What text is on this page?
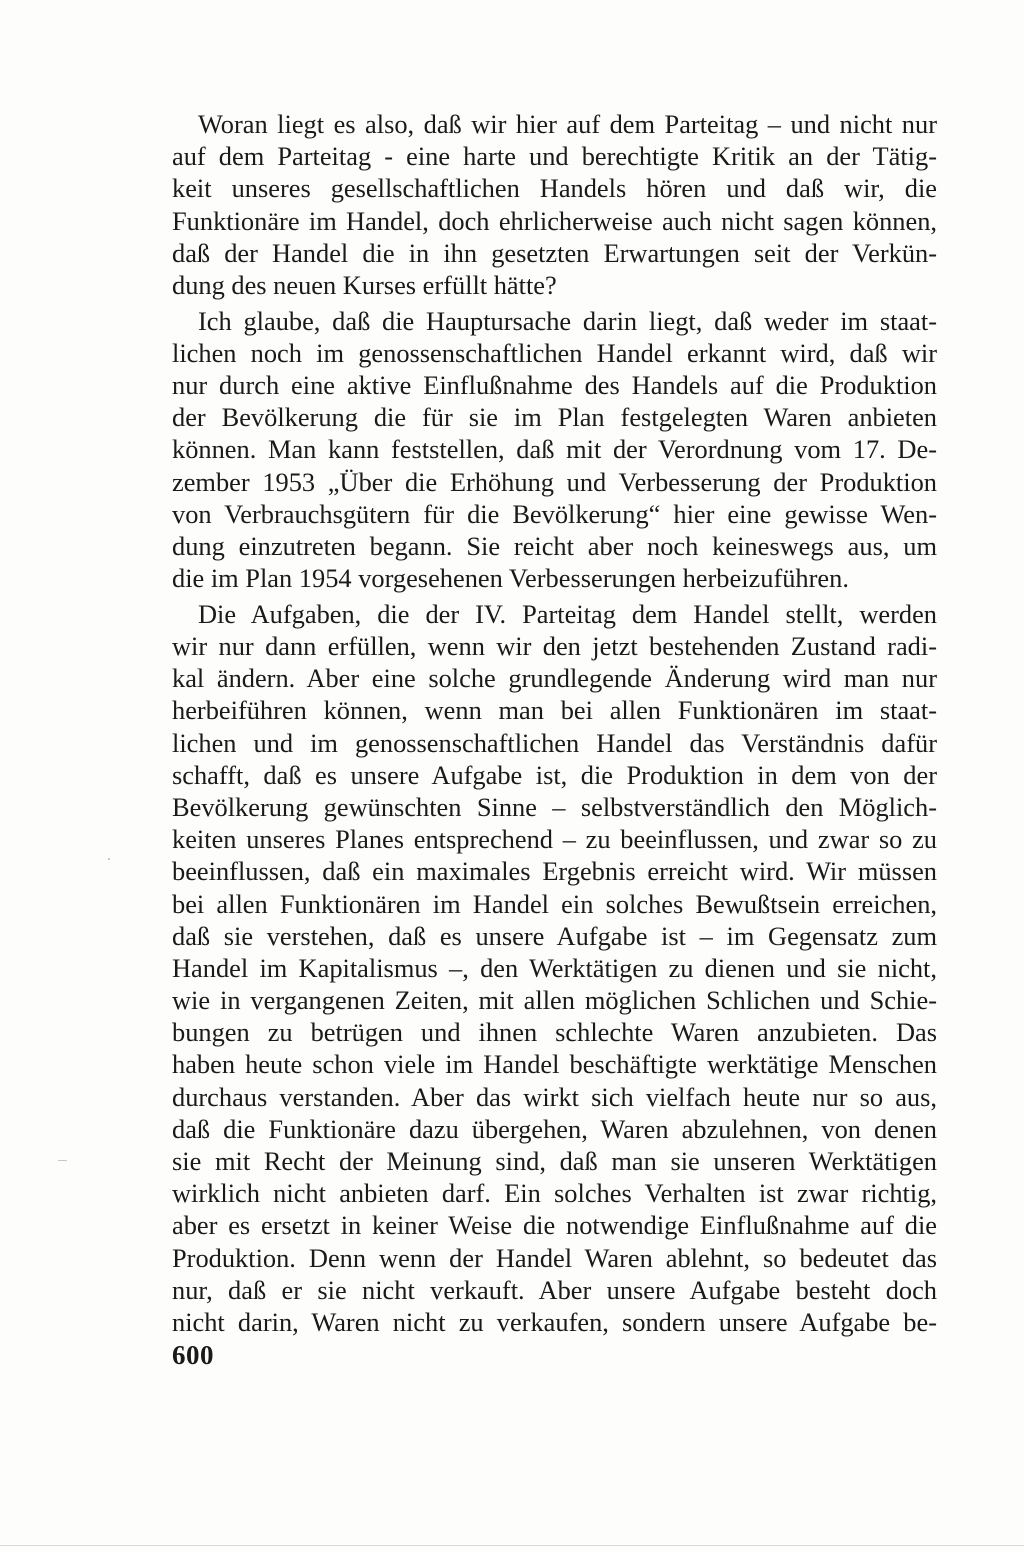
Woran liegt es also, daß wir hier auf dem Parteitag – und nicht nur
auf dem Parteitag - eine harte und berechtigte Kritik an der Tätig-
keit unseres gesellschaftlichen Handels hören und daß wir, die
Funktionäre im Handel, doch ehrlicherweise auch nicht sagen können,
daß der Handel die in ihn gesetzten Erwartungen seit der Verkün-
dung des neuen Kurses erfüllt hätte?

Ich glaube, daß die Hauptursache darin liegt, daß weder im staat-
lichen noch im genossenschaftlichen Handel erkannt wird, daß wir
nur durch eine aktive Einflußnahme des Handels auf die Produktion
der Bevölkerung die für sie im Plan festgelegten Waren anbieten
können. Man kann feststellen, daß mit der Verordnung vom 17. De-
zember 1953 „Über die Erhöhung und Verbesserung der Produktion
von Verbrauchsgütern für die Bevölkerung“ hier eine gewisse Wen-
dung einzutreten begann. Sie reicht aber noch keineswegs aus, um
die im Plan 1954 vorgesehenen Verbesserungen herbeizuführen.

Die Aufgaben, die der IV. Parteitag dem Handel stellt, werden
wir nur dann erfüllen, wenn wir den jetzt bestehenden Zustand radi-
kal ändern. Aber eine solche grundlegende Änderung wird man nur
herbeiführen können, wenn man bei allen Funktionären im staat-
lichen und im genossenschaftlichen Handel das Verständnis dafür
schafft, daß es unsere Aufgabe ist, die Produktion in dem von der
Bevölkerung gewünschten Sinne – selbstverständlich den Möglich-
keiten unseres Planes entsprechend – zu beeinflussen, und zwar so zu
beeinflussen, daß ein maximales Ergebnis erreicht wird. Wir müssen
bei allen Funktionären im Handel ein solches Bewußtsein erreichen,
daß sie verstehen, daß es unsere Aufgabe ist – im Gegensatz zum
Handel im Kapitalismus –, den Werktätigen zu dienen und sie nicht,
wie in vergangenen Zeiten, mit allen möglichen Schlichen und Schie-
bungen zu betrügen und ihnen schlechte Waren anzubieten. Das
haben heute schon viele im Handel beschäftigte werktätige Menschen
durchaus verstanden. Aber das wirkt sich vielfach heute nur so aus,
daß die Funktionäre dazu übergehen, Waren abzulehnen, von denen
sie mit Recht der Meinung sind, daß man sie unseren Werktätigen
wirklich nicht anbieten darf. Ein solches Verhalten ist zwar richtig,
aber es ersetzt in keiner Weise die notwendige Einflußnahme auf die
Produktion. Denn wenn der Handel Waren ablehnt, so bedeutet das
nur, daß er sie nicht verkauft. Aber unsere Aufgabe besteht doch
nicht darin, Waren nicht zu verkaufen, sondern unsere Aufgabe be-

600
